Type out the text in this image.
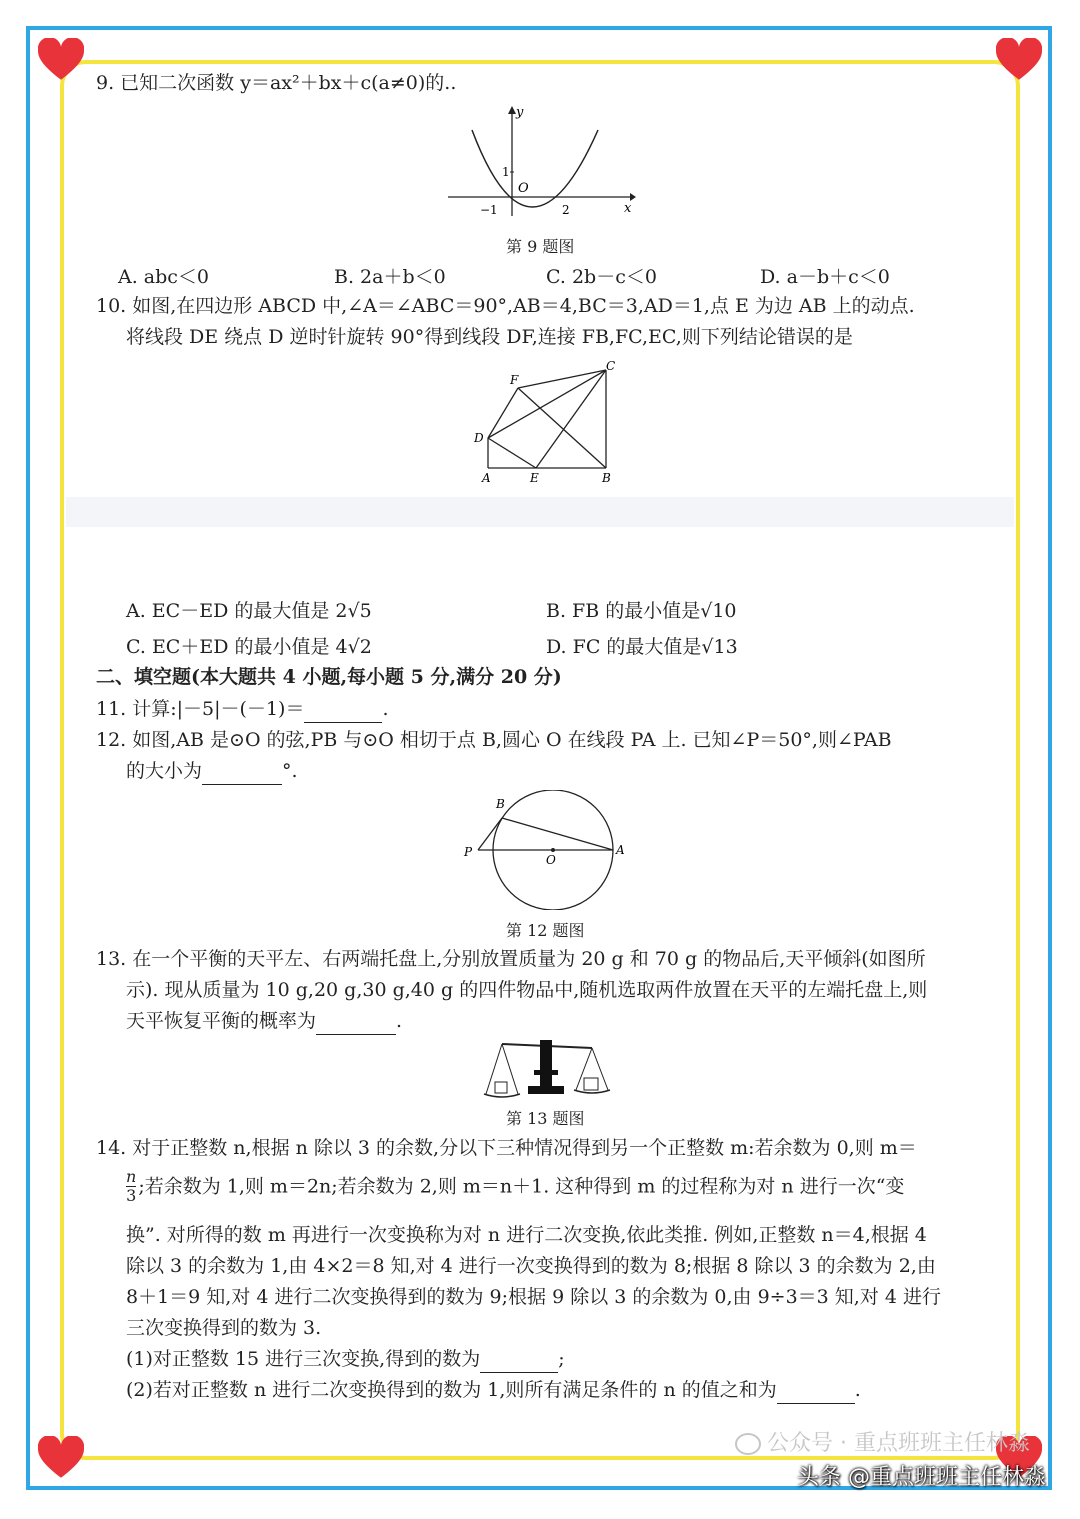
9. 已知二次函数 y＝ax²＋bx＋c(a≠0)的..
y
x
O
1
−1	2
第 9 题图
A. abc＜0	B. 2a＋b＜0	C. 2b－c＜0	D. a－b＋c＜0
10. 如图,在四边形 ABCD 中,∠A＝∠ABC＝90°,AB＝4,BC＝3,AD＝1,点 E 为边 AB 上的动点.
将线段 DE 绕点 D 逆时针旋转 90°得到线段 DF,连接 FB,FC,EC,则下列结论错误的是
F
C
D
A	E	B
A. EC－ED 的最大值是 2√5	B. FB 的最小值是√10
C. EC＋ED 的最小值是 4√2	D. FC 的最大值是√13
二、填空题(本大题共 4 小题,每小题 5 分,满分 20 分)
11. 计算:|－5|－(－1)＝	.
12. 如图,AB 是⊙O 的弦,PB 与⊙O 相切于点 B,圆心 O 在线段 PA 上. 已知∠P＝50°,则∠PAB
的大小为	°.
B
P
O
A
第 12 题图
13. 在一个平衡的天平左、右两端托盘上,分别放置质量为 20 g 和 70 g 的物品后,天平倾斜(如图所
示). 现从质量为 10 g,20 g,30 g,40 g 的四件物品中,随机选取两件放置在天平的左端托盘上,则
天平恢复平衡的概率为	.
第 13 题图
14. 对于正整数 n,根据 n 除以 3 的余数,分以下三种情况得到另一个正整数 m:若余数为 0,则 m＝
$\frac{n}{3}$ ;若余数为 1,则 m＝2n;若余数为 2,则 m＝n＋1. 这种得到 m 的过程称为对 n 进行一次“变
换”. 对所得的数 m 再进行一次变换称为对 n 进行二次变换,依此类推. 例如,正整数 n＝4,根据 4
除以 3 的余数为 1,由 4×2＝8 知,对 4 进行一次变换得到的数为 8;根据 8 除以 3 的余数为 2,由
8＋1＝9 知,对 4 进行二次变换得到的数为 9;根据 9 除以 3 的余数为 0,由 9÷3＝3 知,对 4 进行
三次变换得到的数为 3.
(1)对正整数 15 进行三次变换,得到的数为	;
(2)若对正整数 n 进行二次变换得到的数为 1,则所有满足条件的 n 的值之和为	.
公众号 · 重点班班主任林淼
头条 @重点班班主任林淼
